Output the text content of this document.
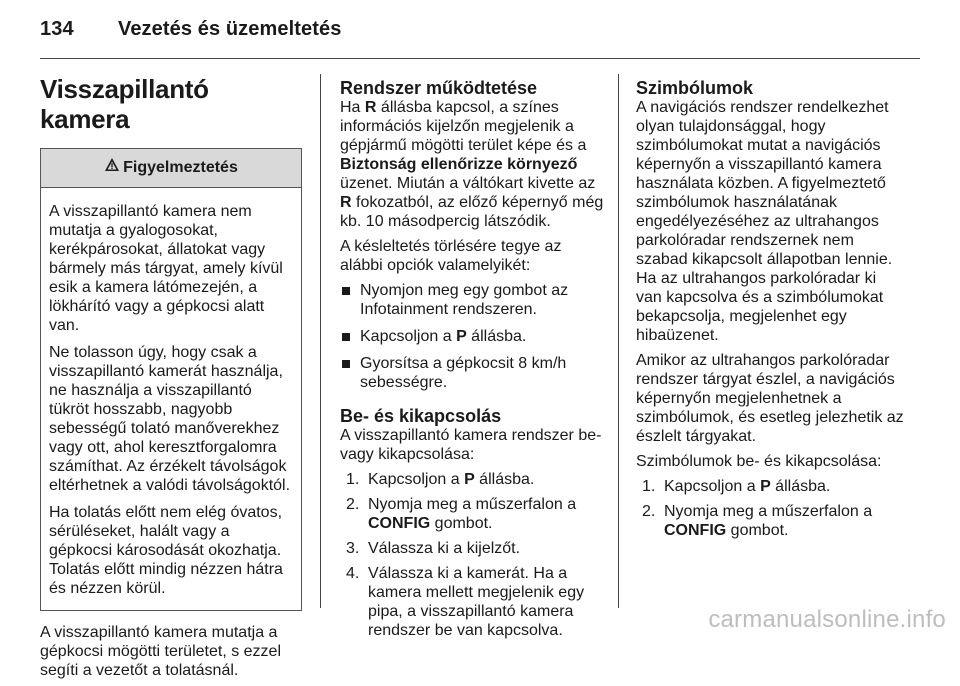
134 Vezetés és üzemeltetés
Visszapillantó kamera
Figyelmeztetés

A visszapillantó kamera nem mutatja a gyalogosokat, kerékpárosokat, állatokat vagy bármely más tárgyat, amely kívül esik a kamera látómezején, a lökhárító vagy a gépkocsi alatt van.

Ne tolasson úgy, hogy csak a visszapillantó kamerát használja, ne használja a visszapillantó tükröt hosszabb, nagyobb sebességű tolató manőverekhez vagy ott, ahol keresztforgalomra számíthat. Az érzékelt távolságok eltérhetnek a valódi távolságoktól.

Ha tolatás előtt nem elég óvatos, sérüléseket, halált vagy a gépkocsi károsodását okozhatja. Tolatás előtt mindig nézzen hátra és nézzen körül.

A visszapillantó kamera mutatja a gépkocsi mögötti területet, s ezzel segíti a vezetőt a tolatásnál.

Rendszer működtetése

Ha R állásba kapcsol, a színes információs kijelzőn megjelenik a gépjármű mögötti terület képe és a Biztonság ellenőrizze környező üzenet. Miután a váltókart kivette az R fokozatból, az előző képernyő még kb. 10 másodpercig látszódik.

A késleltetés törlésére tegye az alábbi opciók valamelyikét:

Nyomjon meg egy gombot az Infotainment rendszeren.
Kapcsoljon a P állásba.
Gyorsítsa a gépkocsit 8 km/h sebességre.
Be- és kikapcsolás

A visszapillantó kamera rendszer be- vagy kikapcsolása:

1. Kapcsoljon a P állásba.
2. Nyomja meg a műszerfalon a CONFIG gombot.
3. Válassza ki a kijelzőt.
4. Válassza ki a kamerát. Ha a kamera mellett megjelenik egy pipa, a visszapillantó kamera rendszer be van kapcsolva.
Szimbólumok

A navigációs rendszer rendelkezhet olyan tulajdonsággal, hogy szimbólumokat mutat a navigációs képernyőn a visszapillantó kamera használata közben. A figyelmeztető szimbólumok használatának engedélyezéséhez az ultrahangos parkolóradar rendszernek nem szabad kikapcsolt állapotban lennie. Ha az ultrahangos parkolóradar ki van kapcsolva és a szimbólumokat bekapcsolja, megjelenhet egy hibaüzenet.

Amikor az ultrahangos parkolóradar rendszer tárgyat észlel, a navigációs képernyőn megjelenhetnek a szimbólumok, és esetleg jelezhetik az észlelt tárgyakat.

Szimbólumok be- és kikapcsolása:

1. Kapcsoljon a P állásba.
2. Nyomja meg a műszerfalon a CONFIG gombot.
carmanualsonline.info
